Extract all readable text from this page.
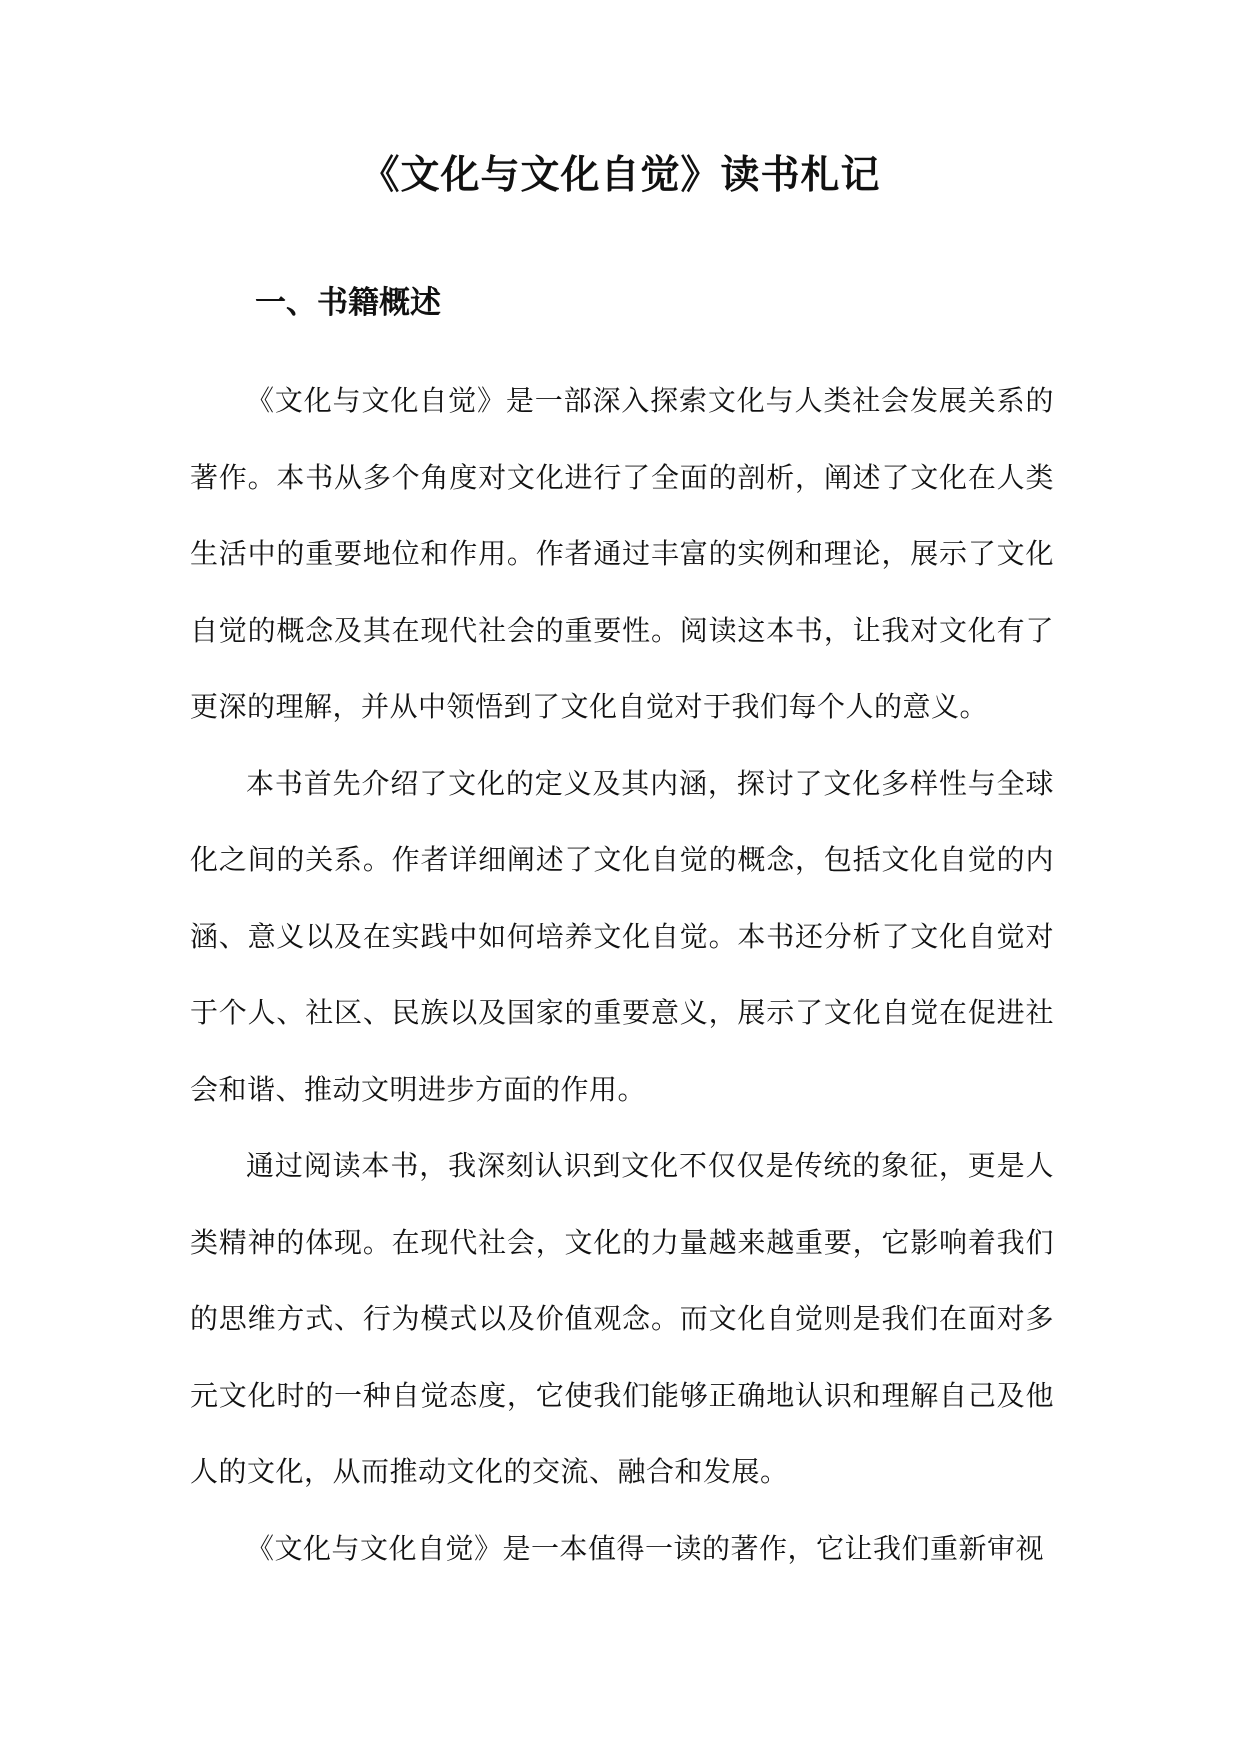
《文化与文化自觉》读书札记
一、书籍概述

《文化与文化自觉》是一部深入探索文化与人类社会发展关系的著作。本书从多个角度对文化进行了全面的剖析，阐述了文化在人类生活中的重要地位和作用。作者通过丰富的实例和理论，展示了文化自觉的概念及其在现代社会的重要性。阅读这本书，让我对文化有了更深的理解，并从中领悟到了文化自觉对于我们每个人的意义。

本书首先介绍了文化的定义及其内涵，探讨了文化多样性与全球化之间的关系。作者详细阐述了文化自觉的概念，包括文化自觉的内涵、意义以及在实践中如何培养文化自觉。本书还分析了文化自觉对于个人、社区、民族以及国家的重要意义，展示了文化自觉在促进社会和谐、推动文明进步方面的作用。

通过阅读本书，我深刻认识到文化不仅仅是传统的象征，更是人类精神的体现。在现代社会，文化的力量越来越重要，它影响着我们的思维方式、行为模式以及价值观念。而文化自觉则是我们在面对多元文化时的一种自觉态度，它使我们能够正确地认识和理解自己及他人的文化，从而推动文化的交流、融合和发展。

《文化与文化自觉》是一本值得一读的著作，它让我们重新审视
